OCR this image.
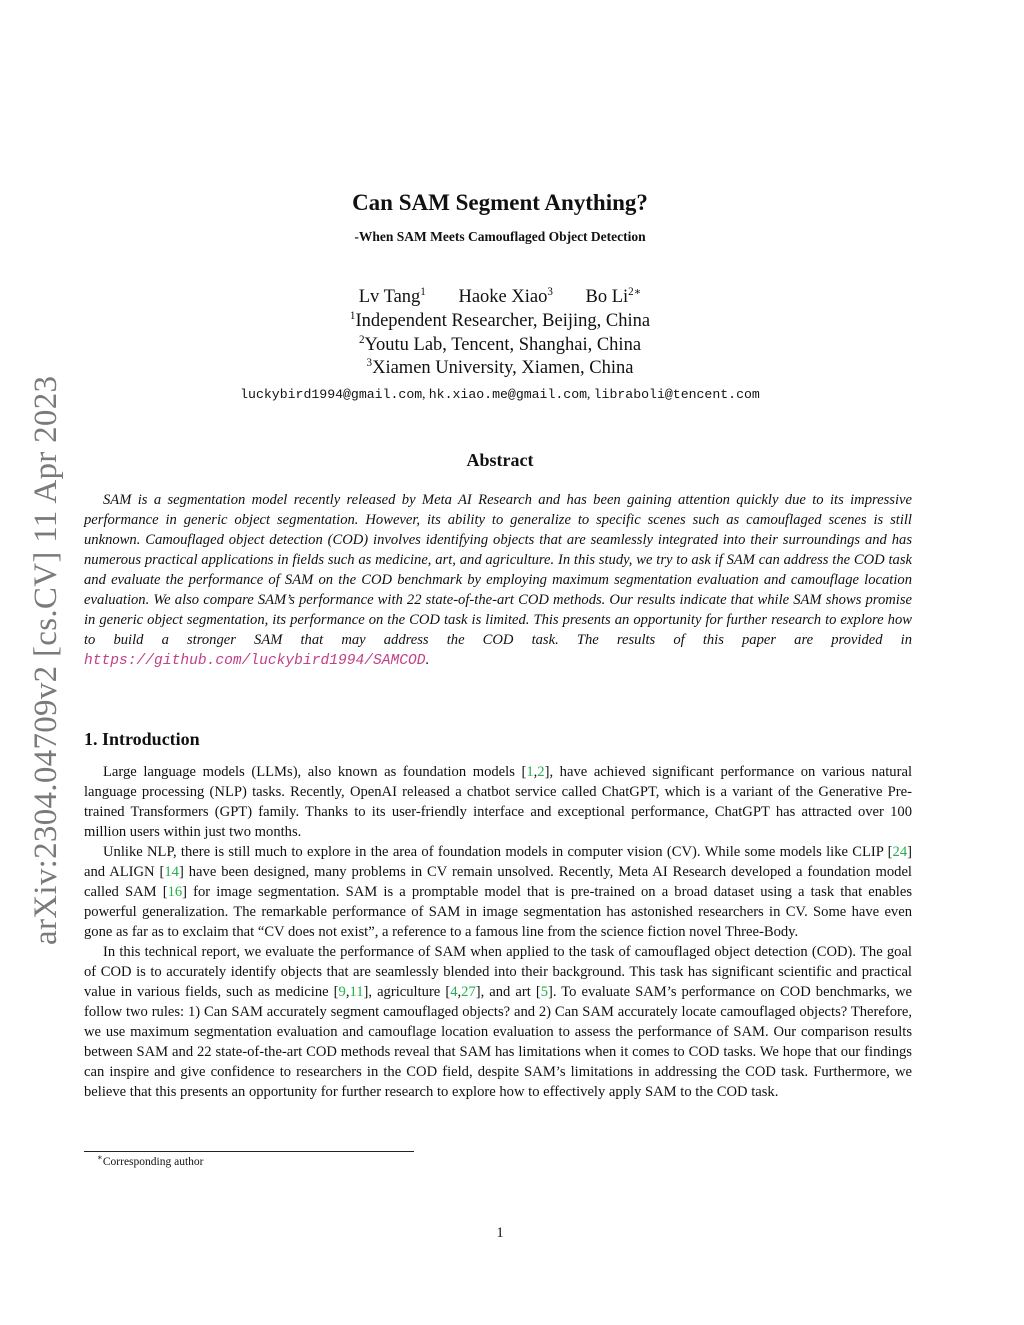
arXiv:2304.04709v2 [cs.CV] 11 Apr 2023
Can SAM Segment Anything?
-When SAM Meets Camouflaged Object Detection
Lv Tang$^1$ Haoke Xiao$^3$ Bo $Li^{2∗}$
$^1$Independent Researcher, Beijing, China
$^2$Youtu Lab, Tencent, Shanghai, China
$^3$Xiamen University, Xiamen, China
luckybird1994@gmail.com, hk.xiao.me@gmail.com, libraboli@tencent.com
Abstract

SAM is a segmentation model recently released by Meta AI Research and has been gaining attention quickly due to its impressive performance in generic object segmentation. However, its ability to generalize to specific scenes such as camouflaged scenes is still unknown. Camouflaged object detection (COD) involves identifying objects that are seamlessly integrated into their surroundings and has numerous practical applications in fields such as medicine, art, and agriculture. In this study, we try to ask if SAM can address the COD task and evaluate the performance of SAM on the COD benchmark by employing maximum segmentation evaluation and camouflage location evaluation. We also compare SAM’s performance with 22 state-of-the-art COD methods. Our results indicate that while SAM shows promise in generic object segmentation, its performance on the COD task is limited. This presents an opportunity for further research to explore how to build a stronger SAM that may address the COD task. The results of this paper are provided in https://github.com/luckybird1994/SAMCOD.

1. Introduction

Large language models (LLMs), also known as foundation models [1,2], have achieved significant performance on various natural language processing (NLP) tasks. Recently, OpenAI released a chatbot service called ChatGPT, which is a variant of the Generative Pre-trained Transformers (GPT) family. Thanks to its user-friendly interface and exceptional performance, ChatGPT has attracted over 100 million users within just two months.

Unlike NLP, there is still much to explore in the area of foundation models in computer vision (CV). While some models like CLIP [24] and ALIGN [14] have been designed, many problems in CV remain unsolved. Recently, Meta AI Research developed a foundation model called SAM [16] for image segmentation. SAM is a promptable model that is pre-trained on a broad dataset using a task that enables powerful generalization. The remarkable performance of SAM in image segmentation has astonished researchers in CV. Some have even gone as far as to exclaim that “CV does not exist”, a reference to a famous line from the science fiction novel Three-Body.

In this technical report, we evaluate the performance of SAM when applied to the task of camouflaged object detection (COD). The goal of COD is to accurately identify objects that are seamlessly blended into their background. This task has significant scientific and practical value in various fields, such as medicine [9,11], agriculture [4,27], and art [5]. To evaluate SAM’s performance on COD benchmarks, we follow two rules: 1) Can SAM accurately segment camouflaged objects? and 2) Can SAM accurately locate camouflaged objects? Therefore, we use maximum segmentation evaluation and camouflage location evaluation to assess the performance of SAM. Our comparison results between SAM and 22 state-of-the-art COD methods reveal that SAM has limitations when it comes to COD tasks. We hope that our findings can inspire and give confidence to researchers in the COD field, despite SAM’s limitations in addressing the COD task. Furthermore, we believe that this presents an opportunity for further research to explore how to effectively apply SAM to the COD task.

∗Corresponding author
1
